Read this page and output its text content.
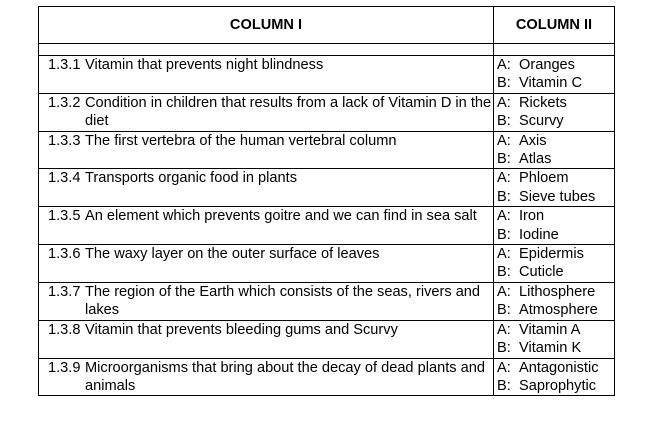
COLUMN I	COLUMN II

1.3.1 Vitamin that prevents night blindness	A: Oranges
B: Vitamin C

1.3.2 Condition in children that results from a lack of Vitamin D in the diet	A: Rickets
B: Scurvy

1.3.3 The first vertebra of the human vertebral column	A: Axis
B: Atlas

1.3.4 Transports organic food in plants	A: Phloem
B: Sieve tubes

1.3.5 An element which prevents goitre and we can find in sea salt	A: Iron
B: Iodine

1.3.6 The waxy layer on the outer surface of leaves	A: Epidermis
B: Cuticle

1.3.7 The region of the Earth which consists of the seas, rivers and lakes	A: Lithosphere
B: Atmosphere

1.3.8 Vitamin that prevents bleeding gums and Scurvy	A: Vitamin A
B: Vitamin K

1.3.9 Microorganisms that bring about the decay of dead plants and animals	A: Antagonistic
B: Saprophytic
